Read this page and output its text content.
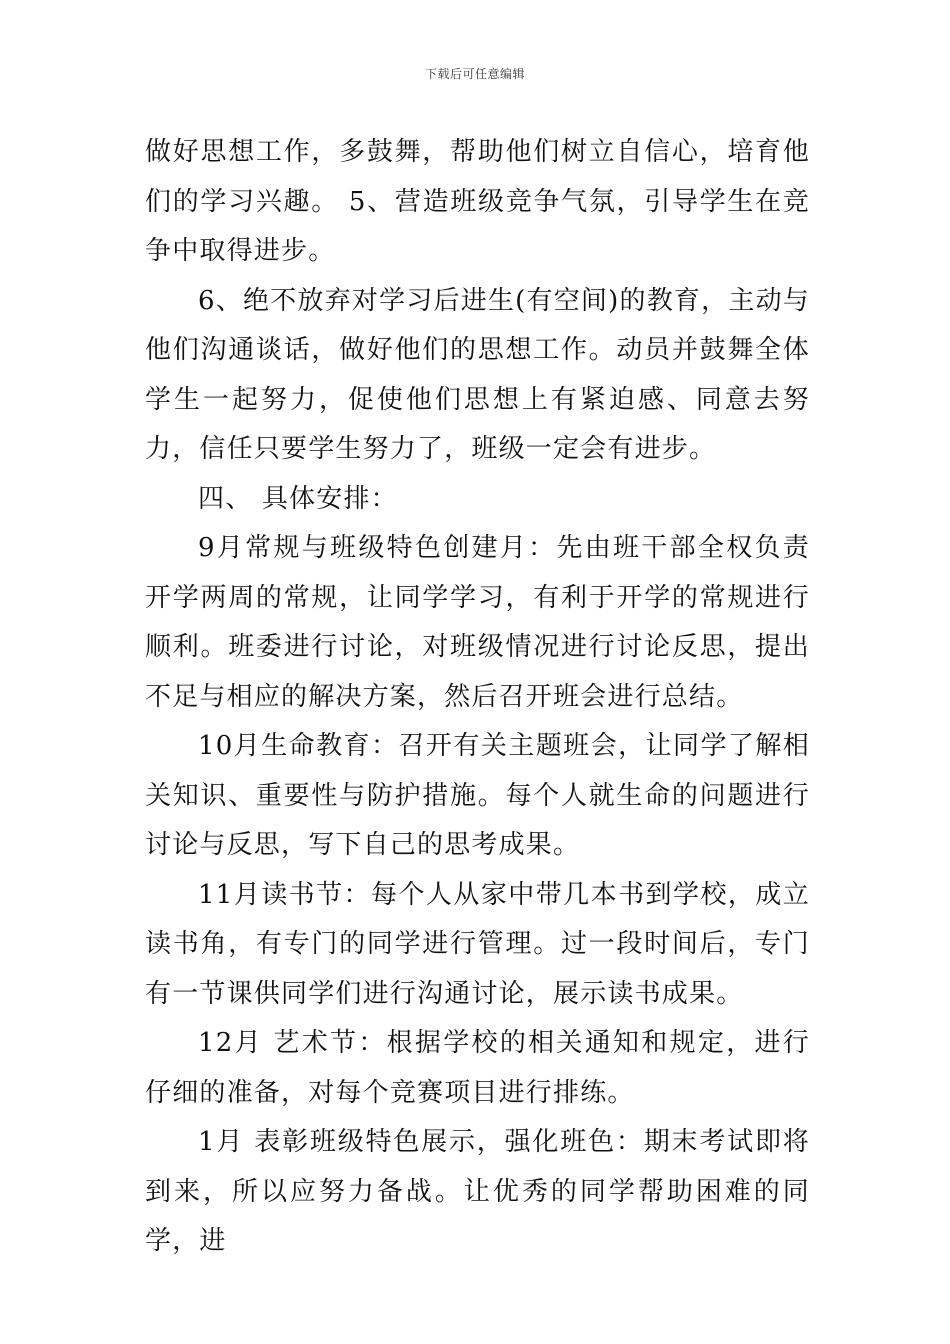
下载后可任意编辑

做好思想工作，多鼓舞，帮助他们树立自信心，培育他们的学习兴趣。 5、营造班级竞争气氛，引导学生在竞争中取得进步。

6、绝不放弃对学习后进生(有空间)的教育，主动与他们沟通谈话，做好他们的思想工作。动员并鼓舞全体学生一起努力，促使他们思想上有紧迫感、同意去努力，信任只要学生努力了，班级一定会有进步。

四、 具体安排：

9月常规与班级特色创建月：先由班干部全权负责开学两周的常规，让同学学习，有利于开学的常规进行顺利。班委进行讨论，对班级情况进行讨论反思，提出不足与相应的解决方案，然后召开班会进行总结。

10月生命教育：召开有关主题班会，让同学了解相关知识、重要性与防护措施。每个人就生命的问题进行讨论与反思，写下自己的思考成果。

11月读书节：每个人从家中带几本书到学校，成立读书角，有专门的同学进行管理。过一段时间后，专门有一节课供同学们进行沟通讨论，展示读书成果。

12月 艺术节：根据学校的相关通知和规定，进行仔细的准备，对每个竞赛项目进行排练。

1月 表彰班级特色展示，强化班色：期末考试即将到来，所以应努力备战。让优秀的同学帮助困难的同学，进
